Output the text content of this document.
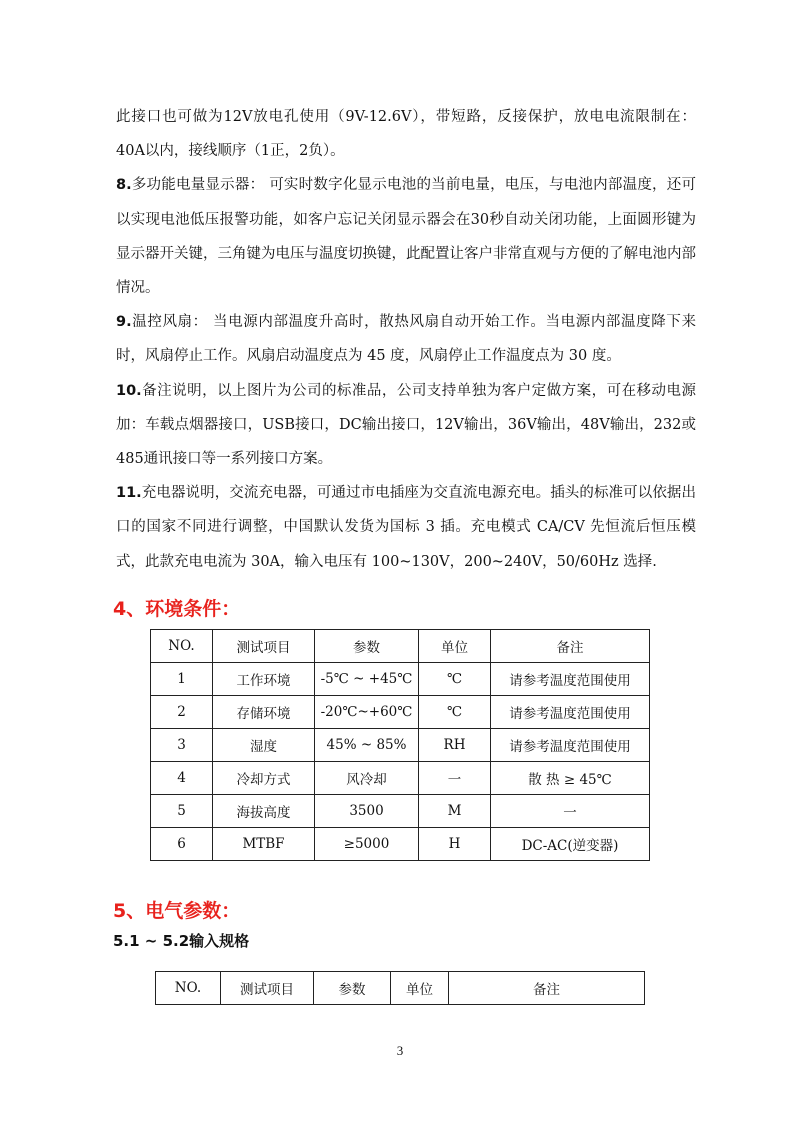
此接口也可做为12V放电孔使用（9V-12.6V），带短路，反接保护，放电电流限制在：40A以内，接线顺序（1正，2负）。

8.多功能电量显示器： 可实时数字化显示电池的当前电量，电压，与电池内部温度，还可以实现电池低压报警功能，如客户忘记关闭显示器会在30秒自动关闭功能，上面圆形键为显示器开关键，三角键为电压与温度切换键，此配置让客户非常直观与方便的了解电池内部情况。

9.温控风扇： 当电源内部温度升高时，散热风扇自动开始工作。当电源内部温度降下来时，风扇停止工作。风扇启动温度点为 45 度，风扇停止工作温度点为 30 度。

10.备注说明，以上图片为公司的标准品，公司支持单独为客户定做方案，可在移动电源加：车载点烟器接口，USB接口，DC输出接口，12V输出，36V输出，48V输出，232或485通讯接口等一系列接口方案。

11.充电器说明，交流充电器，可通过市电插座为交直流电源充电。插头的标准可以依据出口的国家不同进行调整，中国默认发货为国标 3 插。充电模式 CA/CV 先恒流后恒压模式，此款充电电流为 30A，输入电压有 100~130V，200~240V，50/60Hz 选择.

4、环境条件：
NO.	测试项目	参数	单位	备注
1	工作环境	-5℃ ~ +45℃	℃	请参考温度范围使用
2	存储环境	-20℃~+60℃	℃	请参考温度范围使用
3	湿度	45% ~ 85%	RH	请参考温度范围使用
4	冷却方式	风冷却	一	散 热 ≥ 45℃
5	海拔高度	3500	M	一
6	MTBF	≥5000	H	DC-AC(逆变器)
5、电气参数：
5.1 ~ 5.2输入规格
NO.	测试项目	参数	单位	备注
3
